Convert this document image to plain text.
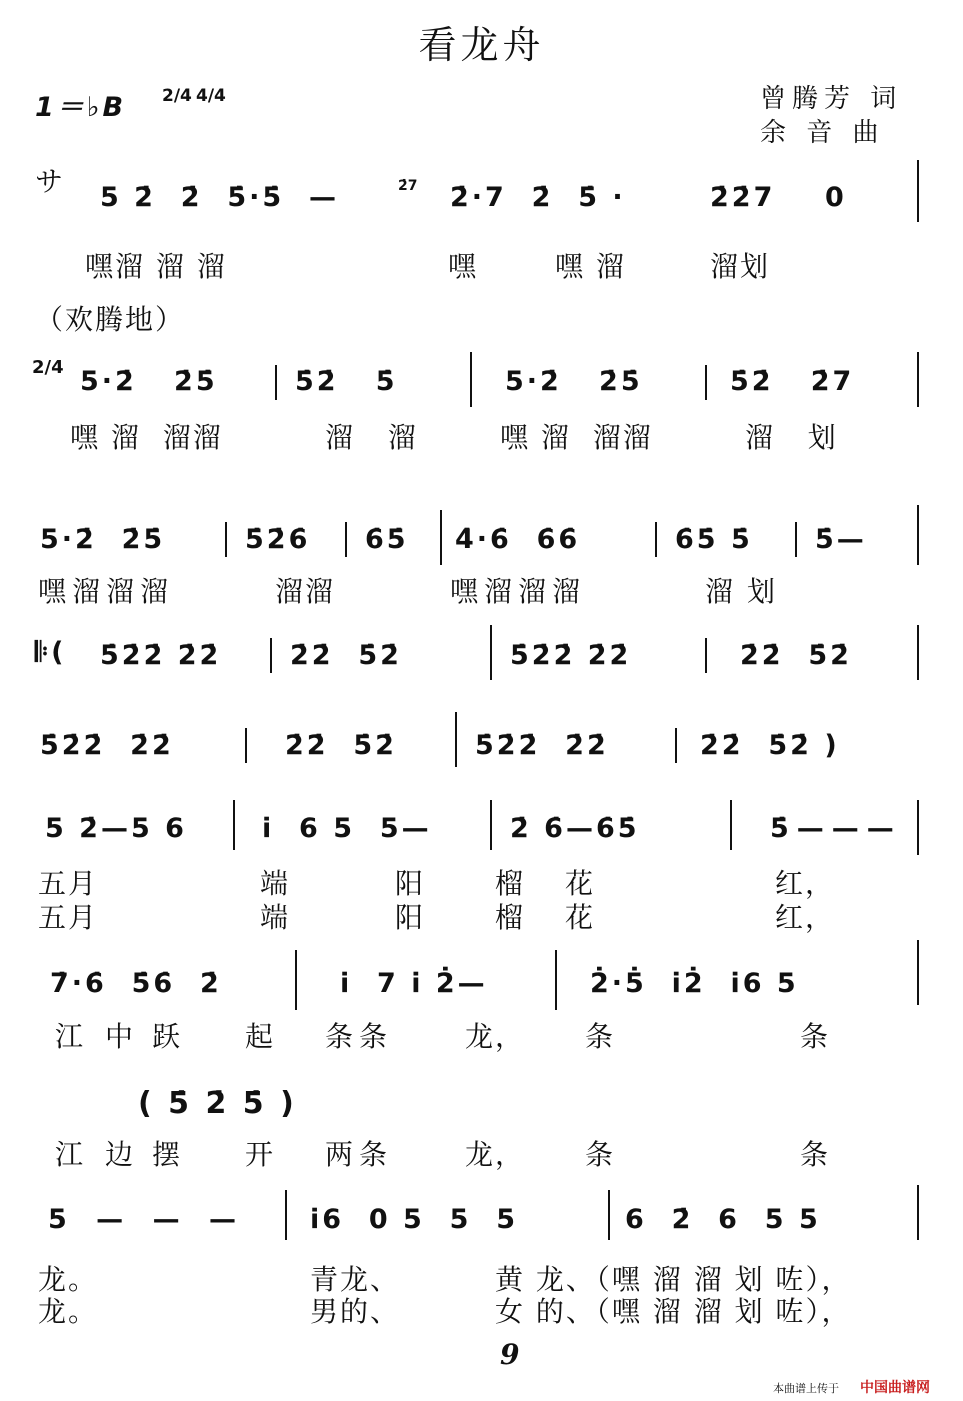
看龙舟
1＝♭B 2/4 4/4	曾腾芳 词
余 音 曲
サ 5 2̇  2̇  5̇·5̇  —	2̇7 2̇·7  2̇  5̇ ·	2̇2̇7    0
嘿溜 溜 溜	嘿	嘿 溜	溜划
（欢腾地）
2/4 5·2̇   2̇5̇	5̇2̇   5̇	5·2̇   2̇5̇	5̇2̇   2̇7
嘿 溜  溜溜	溜   溜	嘿 溜  溜溜	溜   划
5·2̇  2̇5̇	5̇2̇6̇ 6̇5̇ 4̇·6̇  6̇6̇	6̇5̇ 5̇ 5̇—
嘿溜溜溜	溜溜	嘿溜溜溜	溜划
𝄆( 5̇2̇2̇ 2̇2̇	2̇2̇  5̇2̇	5̇2̇2̇ 2̇2̇	2̇2̇  5̇2̇
5̇2̇2̇  2̇2̇	2̇2̇  5̇2̇	5̇2̇2̇  2̇2̇	2̇2̇  5̇2̇ )
5 2̇—5 6	i̇  6 5  5—	2̇ 6̇—6̇5̇	5̇———
五月	端	阳 榴 花	红，
五月	端	阳 榴 花	红，
7̇·6̇  5̇6̇  2̇	i̇  7 i̇ 2̇—	2̇·5̇  i̇2̇  i̇6 5
江 中 跃 起 条条	龙， 条	条
( 5̇ 2̇ 5̇ )
江 边 摆 开 两条	龙， 条	条
5 — — — i̇6  0 5  5  5	6  2̇  6  5 5
龙。	青龙、	黄 龙、（嘿 溜 溜 划 咗），
龙。	男的、	女 的、（嘿 溜 溜 划 咗），
9
本曲谱上传于 中国曲谱网
